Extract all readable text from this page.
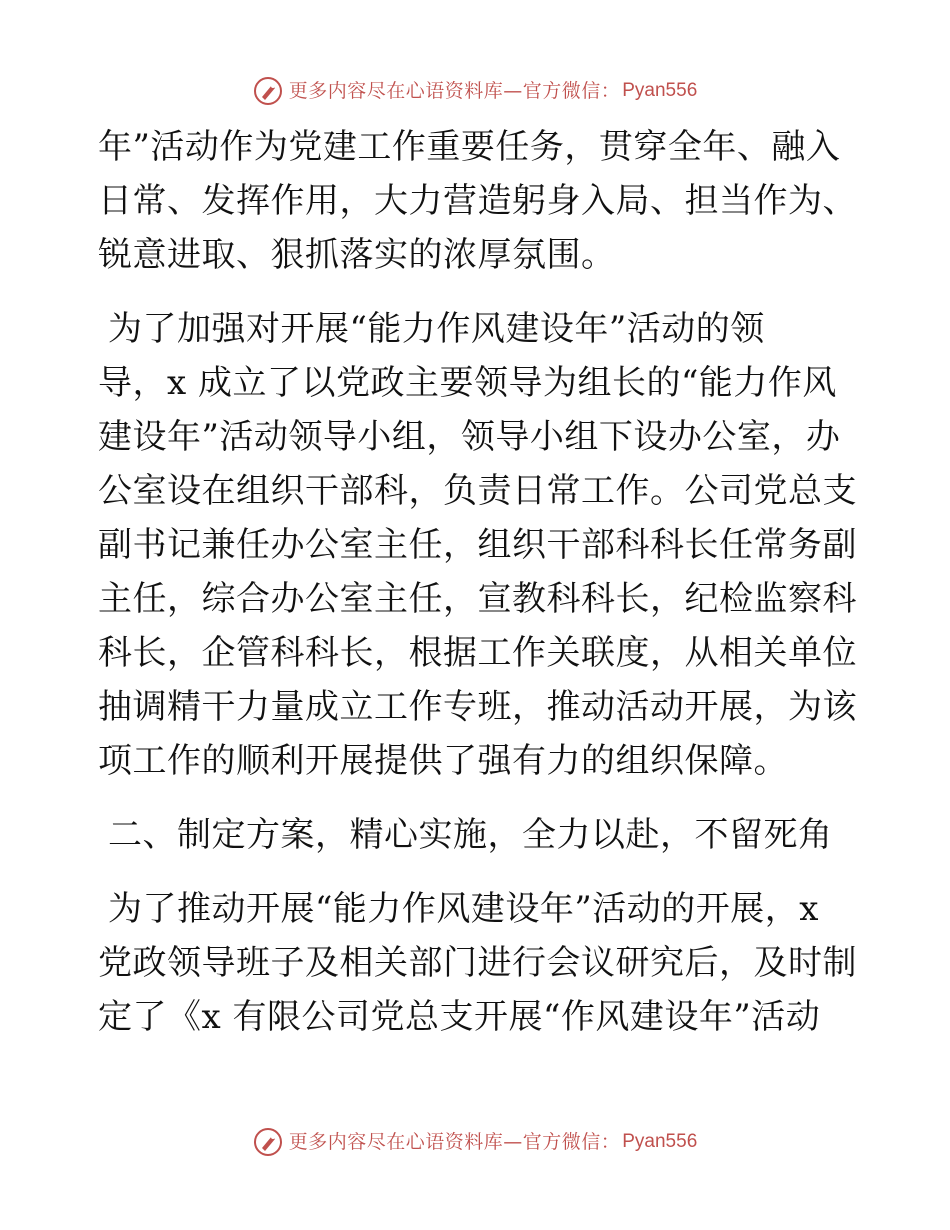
更多内容尽在心语资料库—官方微信： Pyan556
年”活动作为党建工作重要任务，贯穿全年、融入
日常、发挥作用，大力营造躬身入局、担当作为、
锐意进取、狠抓落实的浓厚氛围。
为了加强对开展“能力作风建设年”活动的领
导，x 成立了以党政主要领导为组长的“能力作风
建设年”活动领导小组，领导小组下设办公室，办
公室设在组织干部科，负责日常工作。公司党总支
副书记兼任办公室主任，组织干部科科长任常务副
主任，综合办公室主任，宣教科科长，纪检监察科
科长，企管科科长，根据工作关联度，从相关单位
抽调精干力量成立工作专班，推动活动开展，为该
项工作的顺利开展提供了强有力的组织保障。
二、制定方案，精心实施，全力以赴，不留死角
为了推动开展“能力作风建设年”活动的开展，x
党政领导班子及相关部门进行会议研究后，及时制
定了《x 有限公司党总支开展“作风建设年”活动
更多内容尽在心语资料库—官方微信： Pyan556
